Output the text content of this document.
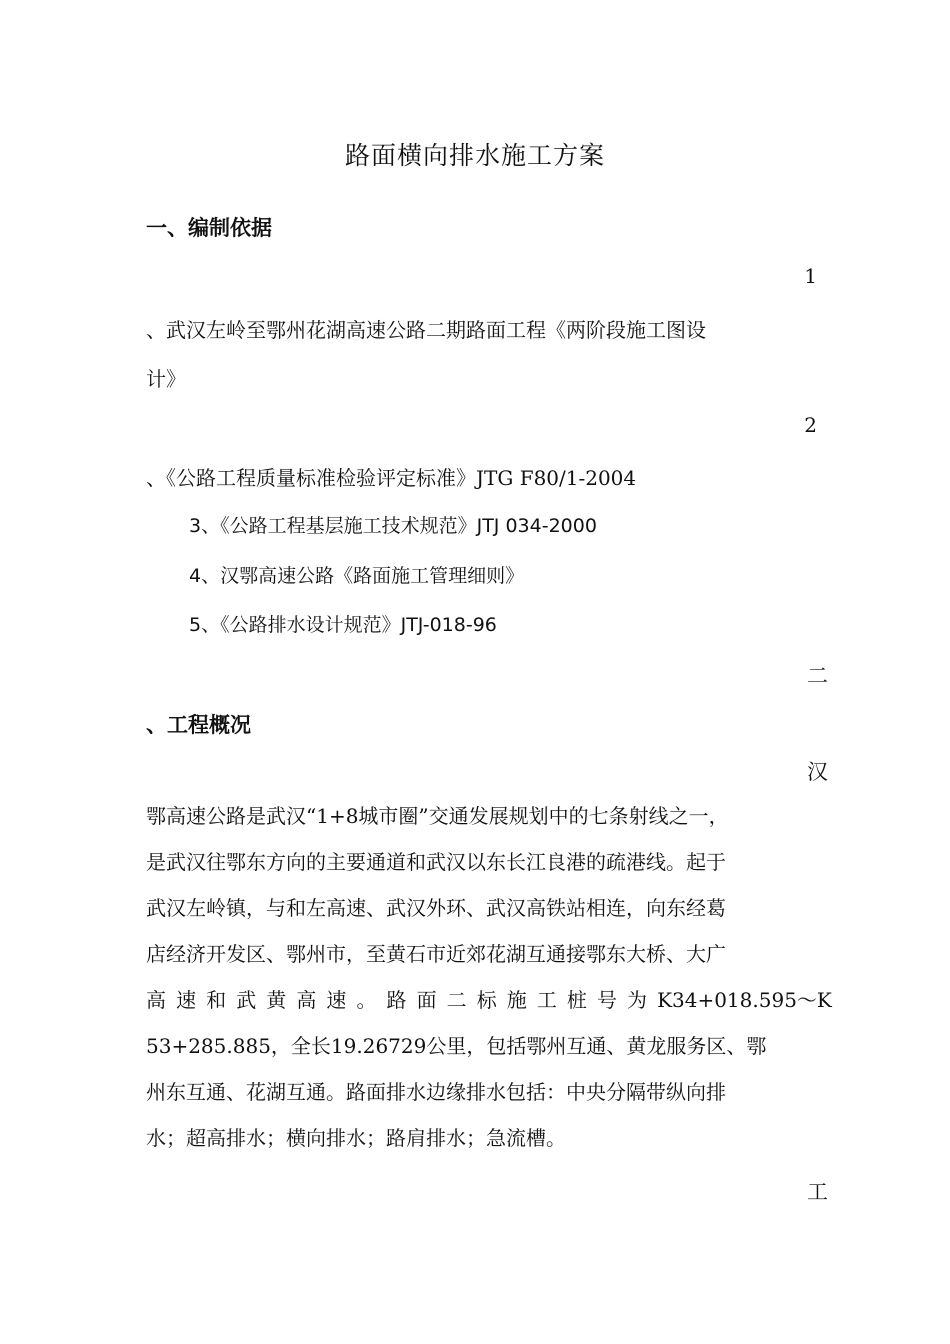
路面横向排水施工方案
一、编制依据
1
、武汉左岭至鄂州花湖高速公路二期路面工程《两阶段施工图设
计》
2
、《公路工程质量标准检验评定标准》JTG F80/1-2004
3、《公路工程基层施工技术规范》JTJ 034-2000
4、汉鄂高速公路《路面施工管理细则》
5、《公路排水设计规范》JTJ-018-96
二
、工程概况
汉
鄂高速公路是武汉“1+8城市圈”交通发展规划中的七条射线之一，
是武汉往鄂东方向的主要通道和武汉以东长江良港的疏港线。起于
武汉左岭镇，与和左高速、武汉外环、武汉高铁站相连，向东经葛
店经济开发区、鄂州市，至黄石市近郊花湖互通接鄂东大桥、大广
高 速 和 武 黄 高 速 。 路 面 二 标 施 工 桩 号 为 K34+018.595～K
53+285.885，全长19.26729公里，包括鄂州互通、黄龙服务区、鄂
州东互通、花湖互通。路面排水边缘排水包括：中央分隔带纵向排
水；超高排水；横向排水；路肩排水；急流槽。
工
